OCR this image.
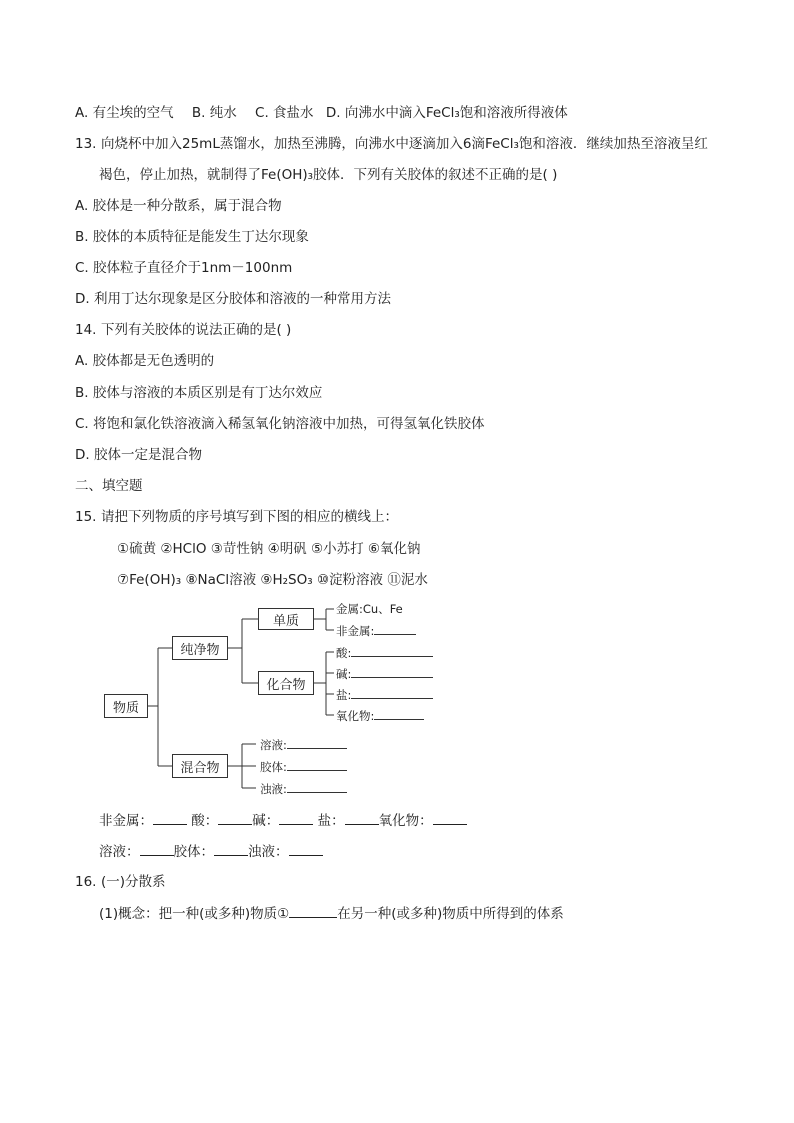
A. 有尘埃的空气 B. 纯水 C. 食盐水 D. 向沸水中滴入FeCl₃饱和溶液所得液体
13. 向烧杯中加入25mL蒸馏水，加热至沸腾，向沸水中逐滴加入6滴FeCl₃饱和溶液．继续加热至溶液呈红
褐色，停止加热，就制得了Fe(OH)₃胶体．下列有关胶体的叙述不正确的是( )
A. 胶体是一种分散系，属于混合物
B. 胶体的本质特征是能发生丁达尔现象
C. 胶体粒子直径介于1nm－100nm
D. 利用丁达尔现象是区分胶体和溶液的一种常用方法
14. 下列有关胶体的说法正确的是( )
A. 胶体都是无色透明的
B. 胶体与溶液的本质区别是有丁达尔效应
C. 将饱和氯化铁溶液滴入稀氢氧化钠溶液中加热，可得氢氧化铁胶体
D. 胶体一定是混合物
二、填空题
15. 请把下列物质的序号填写到下图的相应的横线上：
①硫黄 ②HClO ③苛性钠 ④明矾 ⑤小苏打 ⑥氧化钠
⑦Fe(OH)₃ ⑧NaCl溶液 ⑨H₂SO₃ ⑩淀粉溶液 ⑪泥水
物质
纯净物
混合物
单质
化合物
金属:Cu、Fe
非金属:
酸:
碱:
盐:
氧化物:
溶液:
胶体:
浊液:
非金属：	酸：	碱：	盐：	氧化物：
溶液：	胶体：	浊液：
16. (一)分散系
(1)概念：把一种(或多种)物质①	在另一种(或多种)物质中所得到的体系
